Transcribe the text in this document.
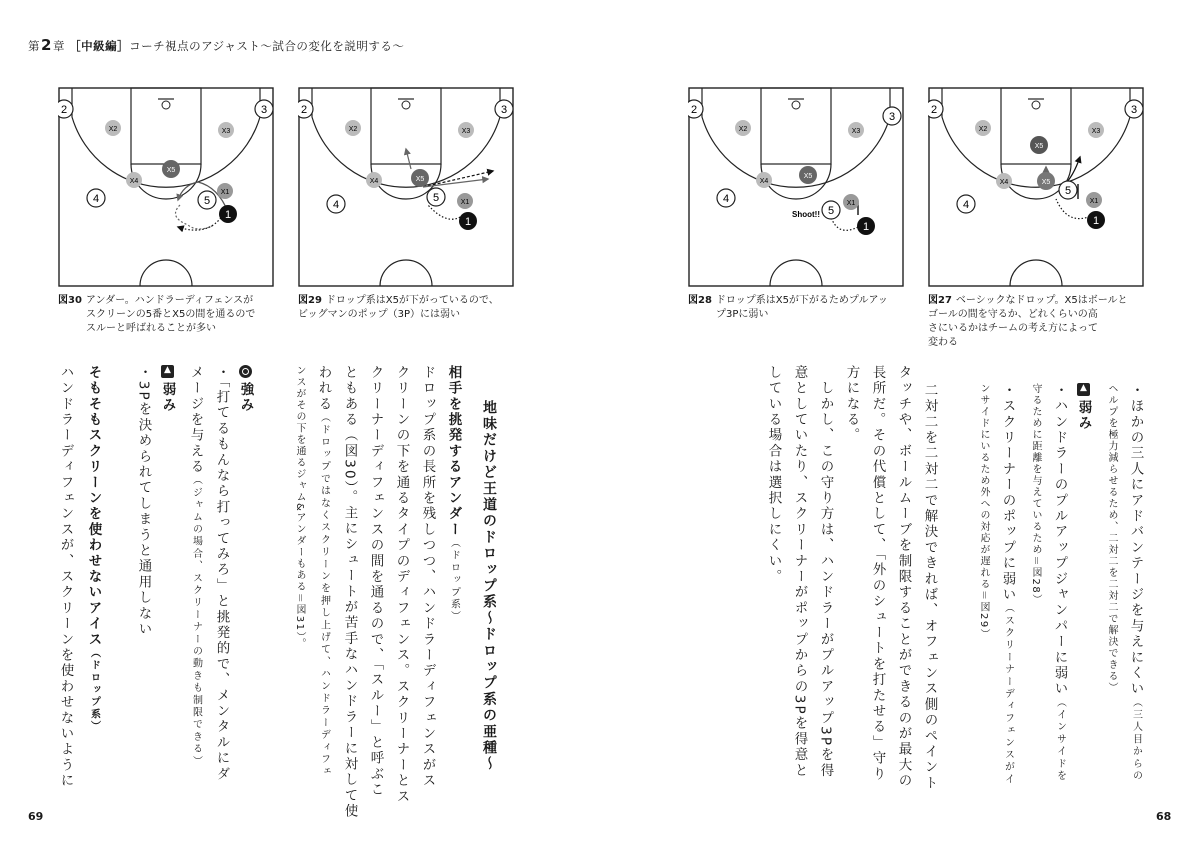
第2章 ［中級編］コーチ視点のアジャスト〜試合の変化を説明する〜
2	3
X2	X3
X5
X4
X1
4	5
1
図30 アンダー。ハンドラーディフェンスが
スクリーンの5番とX5の間を通るので
スルーと呼ばれることが多い
2	3
X2	X3
X4	X5
X1
4
5
1
図29 ドロップ系はX5が下がっているので、
ビッグマンのポップ（3P）には弱い
2
3
X2	X3
X5
X4
4	X1
5
1
Shoot!!
図28 ドロップ系はX5が下がるためプルアッ
プ3Pに弱い
2	3
X2	X3
X5
X4	X5
4
5
X1
1
図27 ベーシックなドロップ。X5はボールと
ゴールの間を守るか、どれくらいの高
さにいるかはチームの考え方によって
変わる
地味だけど王道のドロップ系〜ドロップ系の亜種〜
相手を挑発するアンダー（ドロップ系）
ドロップ系の長所を残しつつ、ハンドラーディフェンスがス
クリーンの下を通るタイプのディフェンス。スクリーナーとス
クリーナーディフェンスの間を通るので、「スルー」と呼ぶこ
ともある（図30）。主にシュートが苦手なハンドラーに対して使
われる（ドロップではなくスクリーンを押し上げて、ハンドラーディフェ
ンスがその下を通るジャム&アンダーもある＝図31）。
強み
・「打てるもんなら打ってみろ」と挑発的で、メンタルにダ
メージを与える（ジャムの場合、スクリーナーの動きも制限できる）
▲弱み
・3Pを決められてしまうと通用しない
そもそもスクリーンを使わせないアイス（ドロップ系）
ハンドラーディフェンスが、スクリーンを使わせないように
69
・ほかの三人にアドバンテージを与えにくい（三人目からの
ヘルプを極力減らせるため、二対二を二対二で解決できる）
▲弱み
・ハンドラーのプルアップジャンパーに弱い（インサイドを
守るために距離を与えているため＝図28）
・スクリーナーのポップに弱い（スクリーナーディフェンスがイ
ンサイドにいるため外への対応が遅れる＝図29）
二対二を二対二で解決できれば、オフェンス側のペイント
タッチや、ボールムーブを制限することができるのが最大の
長所だ。その代償として、「外のシュートを打たせる」守り
方になる。
　しかし、この守り方は、ハンドラーがプルアップ3Pを得
意としていたり、スクリーナーがポップからの3Pを得意と
している場合は選択しにくい。
68
